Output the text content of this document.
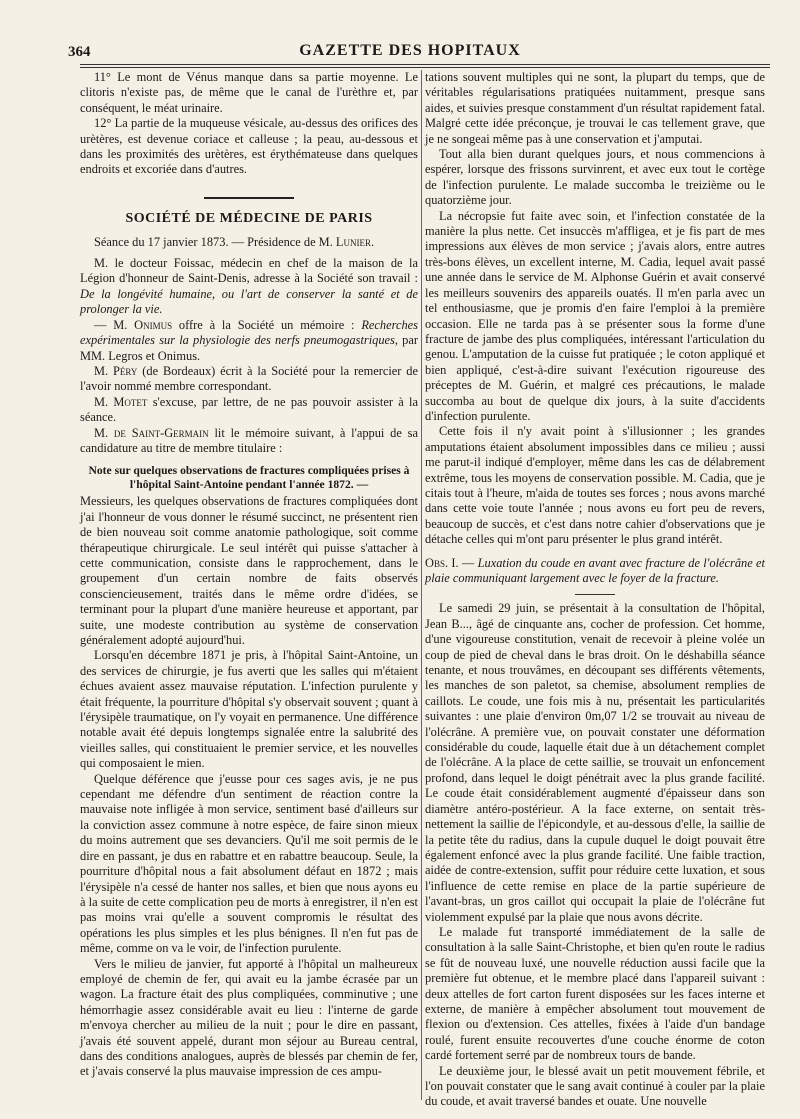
364	GAZETTE DES HOPITAUX

11° Le mont de Vénus manque dans sa partie moyenne. Le clitoris n'existe pas, de même que le canal de l'urèthre et, par conséquent, le méat urinaire.

12° La partie de la muqueuse vésicale, au-dessus des orifices des urètères, est devenue coriace et calleuse ; la peau, au-dessous et dans les proximités des urètères, est érythémateuse dans quelques endroits et excoriée dans d'autres.

SOCIÉTÉ DE MÉDECINE DE PARIS

Séance du 17 janvier 1873. — Présidence de M. Lunier.

M. le docteur Foissac, médecin en chef de la maison de la Légion d'honneur de Saint-Denis, adresse à la Société son travail : De la longévité humaine, ou l'art de conserver la santé et de prolonger la vie.

— M. Onimus offre à la Société un mémoire : Recherches expérimentales sur la physiologie des nerfs pneumogastriques, par MM. Legros et Onimus.

M. Péry (de Bordeaux) écrit à la Société pour la remercier de l'avoir nommé membre correspondant.

M. Motet s'excuse, par lettre, de ne pas pouvoir assister à la séance.

M. de Saint-Germain lit le mémoire suivant, à l'appui de sa candidature au titre de membre titulaire :

Note sur quelques observations de fractures compliquées prises à l'hôpital Saint-Antoine pendant l'année 1872. —

Messieurs, les quelques observations de fractures compliquées dont j'ai l'honneur de vous donner le résumé succinct, ne présentent rien de bien nouveau soit comme anatomie pathologique, soit comme thérapeutique chirurgicale. Le seul intérêt qui puisse s'attacher à cette communication, consiste dans le rapprochement, dans le groupement d'un certain nombre de faits observés consciencieusement, traités dans le même ordre d'idées, se terminant pour la plupart d'une manière heureuse et apportant, par suite, une modeste contribution au système de conservation généralement adopté aujourd'hui.

Lorsqu'en décembre 1871 je pris, à l'hôpital Saint-Antoine, un des services de chirurgie, je fus averti que les salles qui m'étaient échues avaient assez mauvaise réputation. L'infection purulente y était fréquente, la pourriture d'hôpital s'y observait souvent ; quant à l'érysipèle traumatique, on l'y voyait en permanence. Une différence notable avait été depuis longtemps signalée entre la salubrité des vieilles salles, qui constituaient le premier service, et les nouvelles qui composaient le mien.

Quelque déférence que j'eusse pour ces sages avis, je ne pus cependant me défendre d'un sentiment de réaction contre la mauvaise note infligée à mon service, sentiment basé d'ailleurs sur la conviction assez commune à notre espèce, de faire sinon mieux du moins autrement que ses devanciers. Qu'il me soit permis de le dire en passant, je dus en rabattre et en rabattre beaucoup. Seule, la pourriture d'hôpital nous a fait absolument défaut en 1872 ; mais l'érysipèle n'a cessé de hanter nos salles, et bien que nous ayons eu à la suite de cette complication peu de morts à enregistrer, il n'en est pas moins vrai qu'elle a souvent compromis le résultat des opérations les plus simples et les plus bénignes. Il n'en fut pas de même, comme on va le voir, de l'infection purulente.

Vers le milieu de janvier, fut apporté à l'hôpital un malheureux employé de chemin de fer, qui avait eu la jambe écrasée par un wagon. La fracture était des plus compliquées, comminutive ; une hémorrhagie assez considérable avait eu lieu : l'interne de garde m'envoya chercher au milieu de la nuit ; pour le dire en passant, j'avais été souvent appelé, durant mon séjour au Bureau central, dans des conditions analogues, auprès de blessés par chemin de fer, et j'avais conservé la plus mauvaise impression de ces ampu-

tations souvent multiples qui ne sont, la plupart du temps, que de véritables régularisations pratiquées nuitamment, presque sans aides, et suivies presque constamment d'un résultat rapidement fatal. Malgré cette idée préconçue, je trouvai le cas tellement grave, que je ne songeai même pas à une conservation et j'amputai.

Tout alla bien durant quelques jours, et nous commencions à espérer, lorsque des frissons survinrent, et avec eux tout le cortège de l'infection purulente. Le malade succomba le treizième ou le quatorzième jour.

La nécropsie fut faite avec soin, et l'infection constatée de la manière la plus nette. Cet insuccès m'affligea, et je fis part de mes impressions aux élèves de mon service ; j'avais alors, entre autres très-bons élèves, un excellent interne, M. Cadia, lequel avait passé une année dans le service de M. Alphonse Guérin et avait conservé les meilleurs souvenirs des appareils ouatés. Il m'en parla avec un tel enthousiasme, que je promis d'en faire l'emploi à la première occasion. Elle ne tarda pas à se présenter sous la forme d'une fracture de jambe des plus compliquées, intéressant l'articulation du genou. L'amputation de la cuisse fut pratiquée ; le coton appliqué et bien appliqué, c'est-à-dire suivant l'exécution rigoureuse des préceptes de M. Guérin, et malgré ces précautions, le malade succomba au bout de quelque dix jours, à la suite d'accidents d'infection purulente.

Cette fois il n'y avait point à s'illusionner ; les grandes amputations étaient absolument impossibles dans ce milieu ; aussi me parut-il indiqué d'employer, même dans les cas de délabrement extrême, tous les moyens de conservation possible. M. Cadia, que je citais tout à l'heure, m'aida de toutes ses forces ; nous avons marché dans cette voie toute l'année ; nous avons eu fort peu de revers, beaucoup de succès, et c'est dans notre cahier d'observations que je détache celles qui m'ont paru présenter le plus grand intérêt.

Obs. I. — Luxation du coude en avant avec fracture de l'olécrâne et plaie communiquant largement avec le foyer de la fracture.

Le samedi 29 juin, se présentait à la consultation de l'hôpital, Jean B..., âgé de cinquante ans, cocher de profession. Cet homme, d'une vigoureuse constitution, venait de recevoir à pleine volée un coup de pied de cheval dans le bras droit. On le déshabilla séance tenante, et nous trouvâmes, en découpant ses différents vêtements, les manches de son paletot, sa chemise, absolument remplies de caillots. Le coude, une fois mis à nu, présentait les particularités suivantes : une plaie d'environ 0m,07 1/2 se trouvait au niveau de l'olécrâne. A première vue, on pouvait constater une déformation considérable du coude, laquelle était due à un détachement complet de l'olécrâne. A la place de cette saillie, se trouvait un enfoncement profond, dans lequel le doigt pénétrait avec la plus grande facilité. Le coude était considérablement augmenté d'épaisseur dans son diamètre antéro-postérieur. A la face externe, on sentait très-nettement la saillie de l'épicondyle, et au-dessous d'elle, la saillie de la petite tête du radius, dans la cupule duquel le doigt pouvait être également enfoncé avec la plus grande facilité. Une faible traction, aidée de contre-extension, suffit pour réduire cette luxation, et sous l'influence de cette remise en place de la partie supérieure de l'avant-bras, un gros caillot qui occupait la plaie de l'olécrâne fut violemment expulsé par la plaie que nous avons décrite.

Le malade fut transporté immédiatement de la salle de consultation à la salle Saint-Christophe, et bien qu'en route le radius se fût de nouveau luxé, une nouvelle réduction aussi facile que la première fut obtenue, et le membre placé dans l'appareil suivant : deux attelles de fort carton furent disposées sur les faces interne et externe, de manière à empêcher absolument tout mouvement de flexion ou d'extension. Ces attelles, fixées à l'aide d'un bandage roulé, furent ensuite recouvertes d'une couche énorme de coton cardé fortement serré par de nombreux tours de bande.

Le deuxième jour, le blessé avait un petit mouvement fébrile, et l'on pouvait constater que le sang avait continué à couler par la plaie du coude, et avait traversé bandes et ouate. Une nouvelle
